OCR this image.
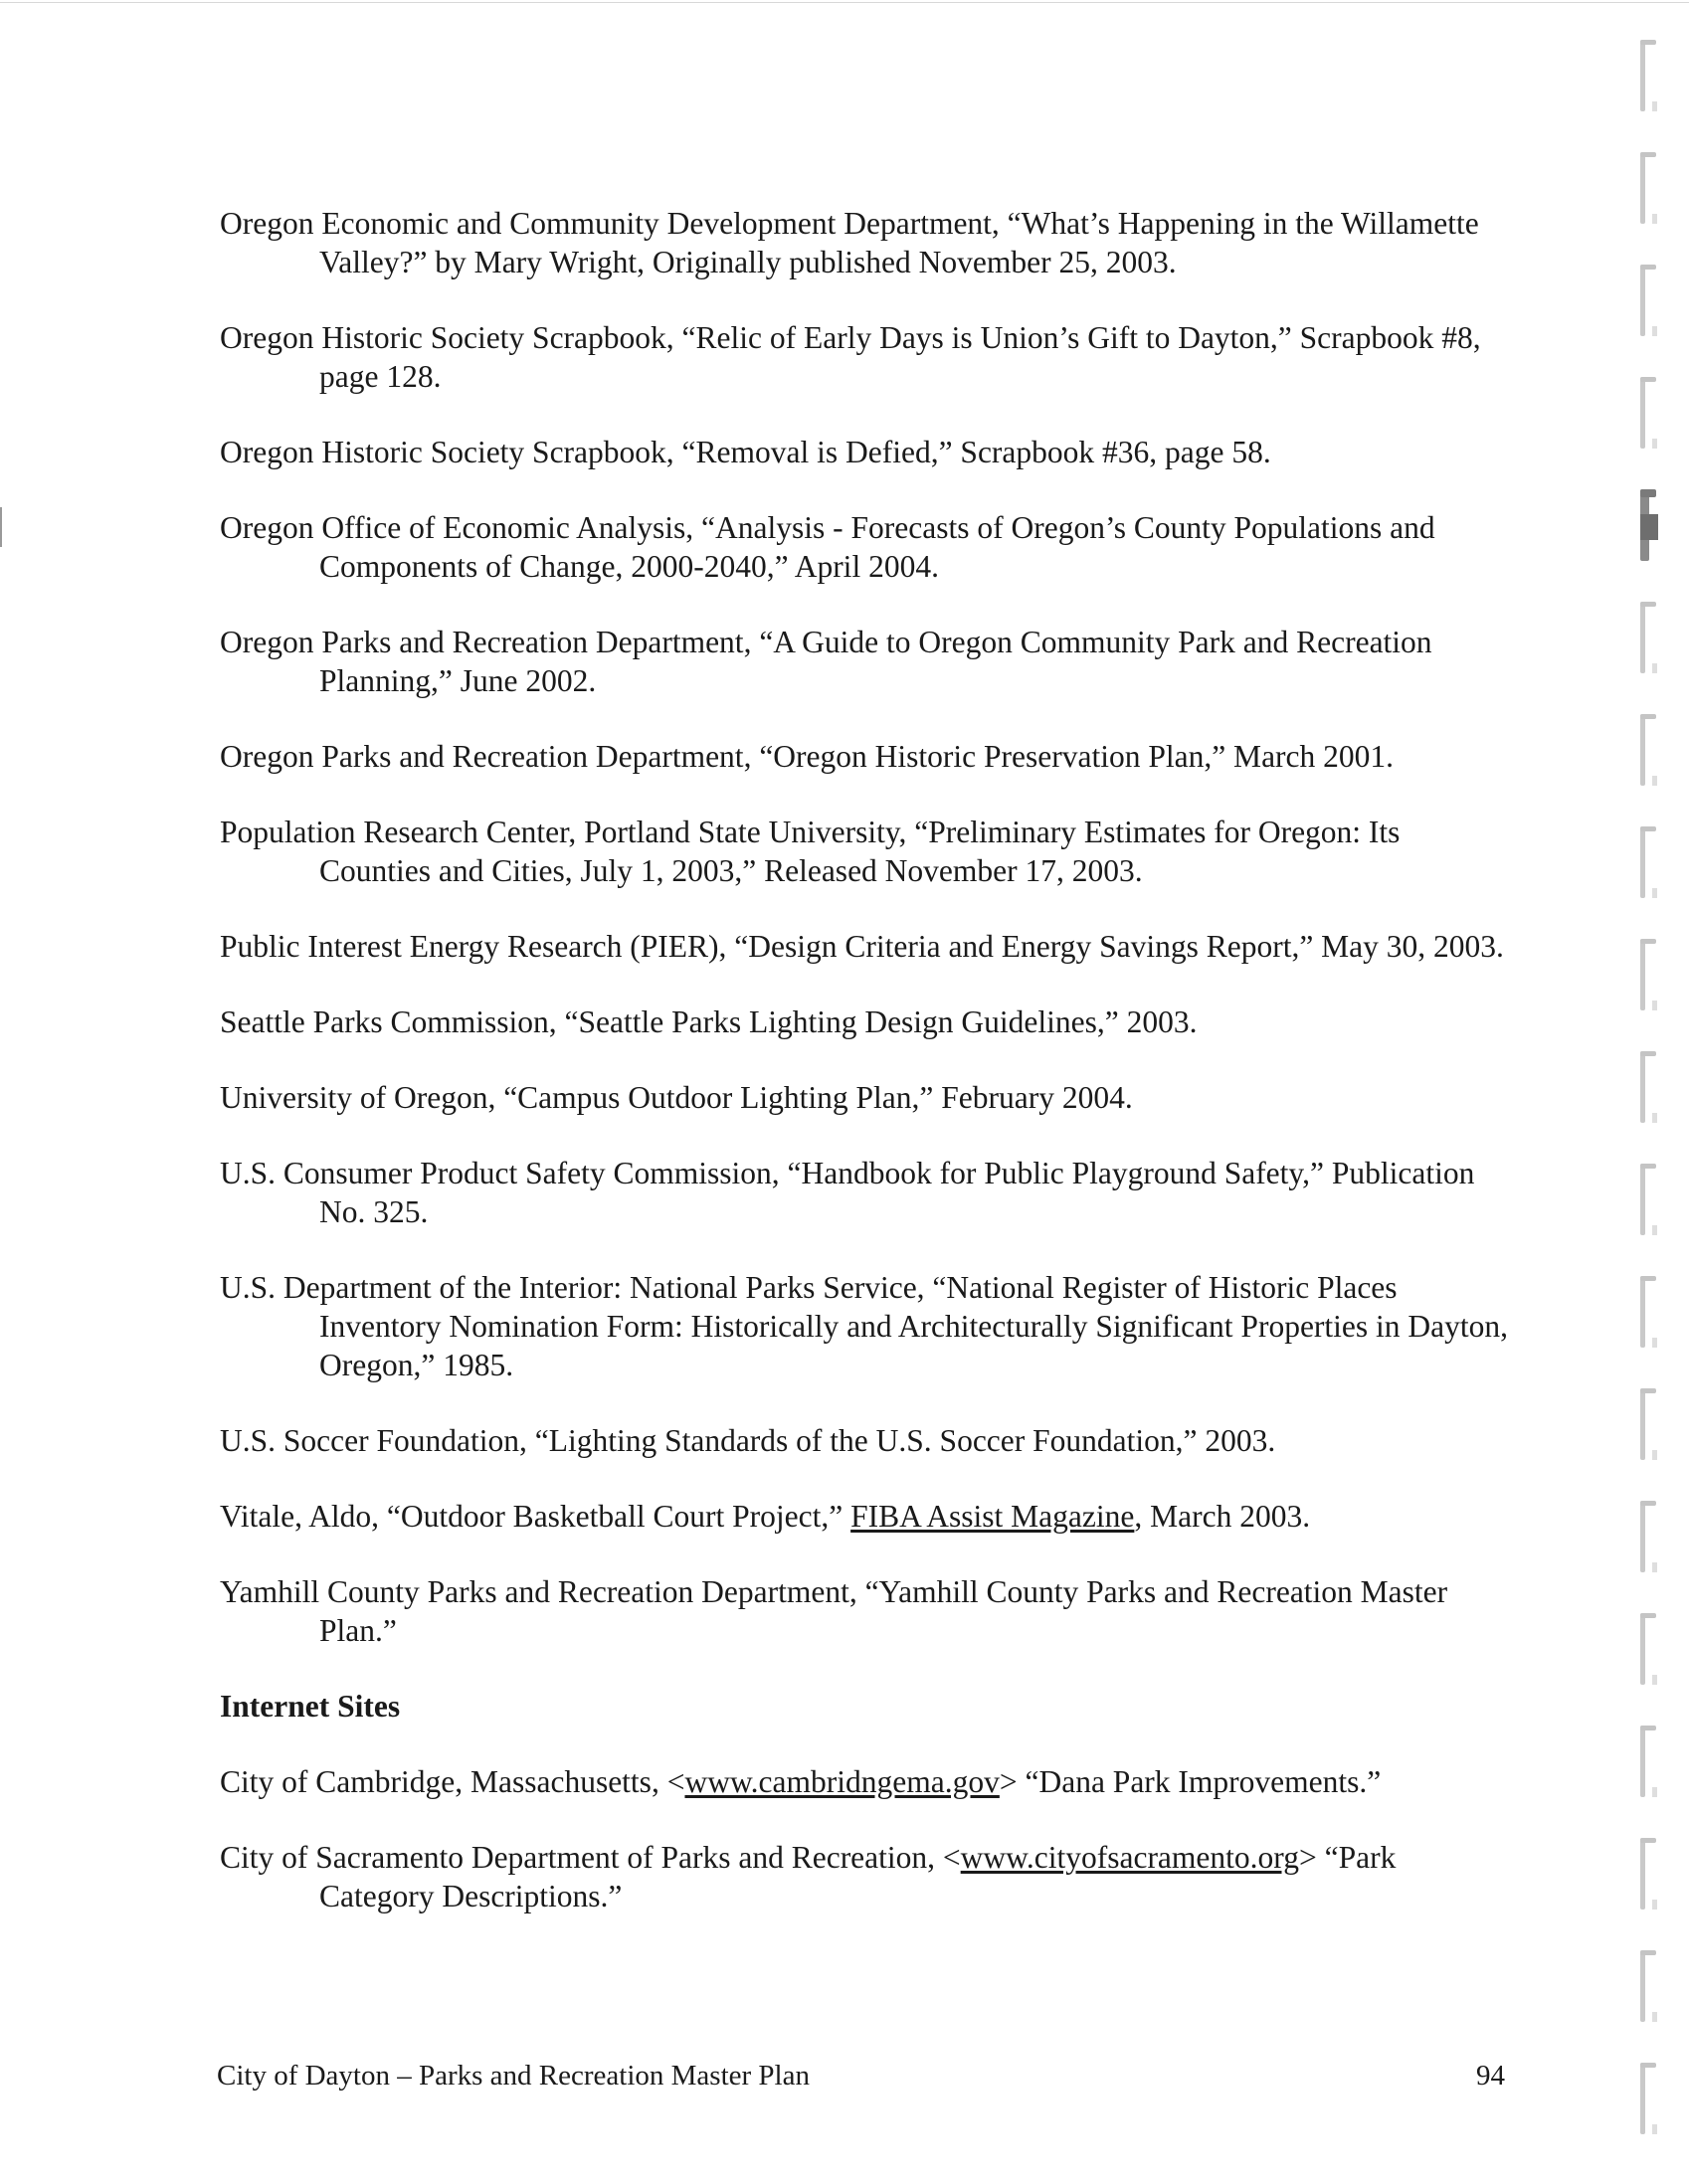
Oregon Economic and Community Development Department, “What’s Happening in the Willamette Valley?” by Mary Wright, Originally published November 25, 2003.

Oregon Historic Society Scrapbook, “Relic of Early Days is Union’s Gift to Dayton,” Scrapbook #8, page 128.

Oregon Historic Society Scrapbook, “Removal is Defied,” Scrapbook #36, page 58.

Oregon Office of Economic Analysis, “Analysis - Forecasts of Oregon’s County Populations and Components of Change, 2000-2040,” April 2004.

Oregon Parks and Recreation Department, “A Guide to Oregon Community Park and Recreation Planning,” June 2002.

Oregon Parks and Recreation Department, “Oregon Historic Preservation Plan,” March 2001.

Population Research Center, Portland State University, “Preliminary Estimates for Oregon: Its Counties and Cities, July 1, 2003,” Released November 17, 2003.

Public Interest Energy Research (PIER), “Design Criteria and Energy Savings Report,” May 30, 2003.

Seattle Parks Commission, “Seattle Parks Lighting Design Guidelines,” 2003.

University of Oregon, “Campus Outdoor Lighting Plan,” February 2004.

U.S. Consumer Product Safety Commission, “Handbook for Public Playground Safety,” Publication No. 325.

U.S. Department of the Interior: National Parks Service, “National Register of Historic Places Inventory Nomination Form: Historically and Architecturally Significant Properties in Dayton, Oregon,” 1985.

U.S. Soccer Foundation, “Lighting Standards of the U.S. Soccer Foundation,” 2003.

Vitale, Aldo, “Outdoor Basketball Court Project,” FIBA Assist Magazine, March 2003.

Yamhill County Parks and Recreation Department, “Yamhill County Parks and Recreation Master Plan.”

Internet Sites

City of Cambridge, Massachusetts, <www.cambridngema.gov> “Dana Park Improvements.”

City of Sacramento Department of Parks and Recreation, <www.cityofsacramento.org> “Park Category Descriptions.”

City of Dayton – Parks and Recreation Master Plan	94
